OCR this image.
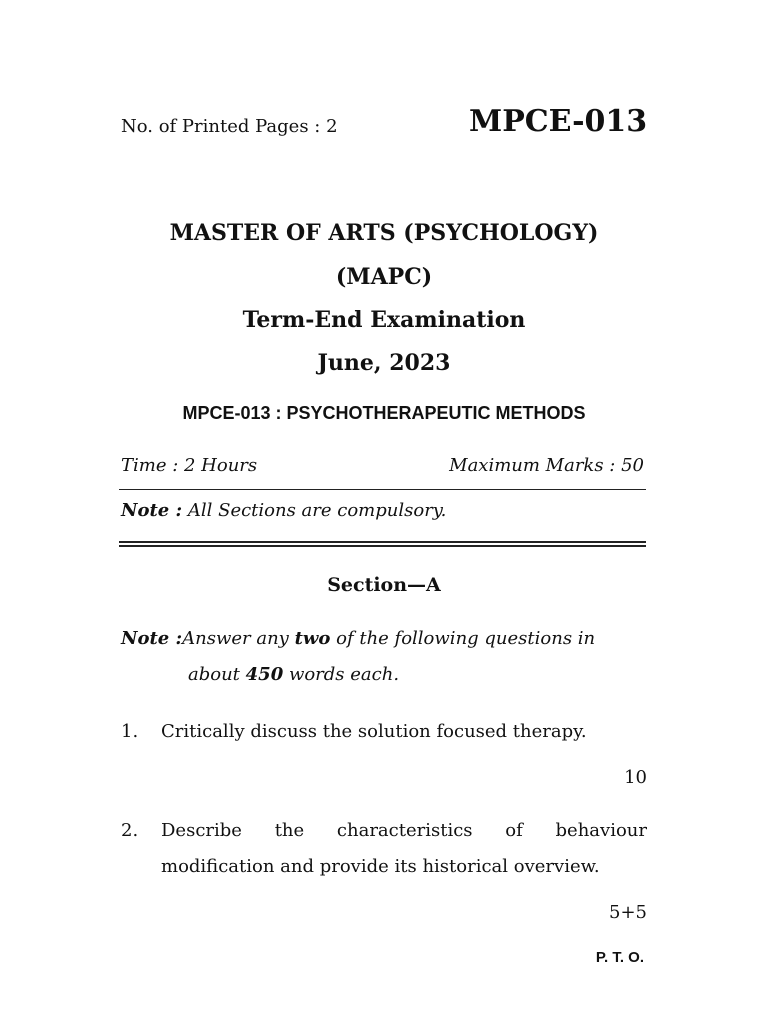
No. of Printed Pages : 2	MPCE-013
MASTER OF ARTS (PSYCHOLOGY)
(MAPC)
Term-End Examination
June, 2023
MPCE-013 : PSYCHOTHERAPEUTIC METHODS
Time : 2 Hours	Maximum Marks : 50
Note : All Sections are compulsory.
Section—A
Note :Answer any two of the following questions in
about 450 words each.
1. Critically discuss the solution focused therapy.
10
2. Describe the characteristics of behaviour modification and provide its historical overview.
5+5
P. T. O.
